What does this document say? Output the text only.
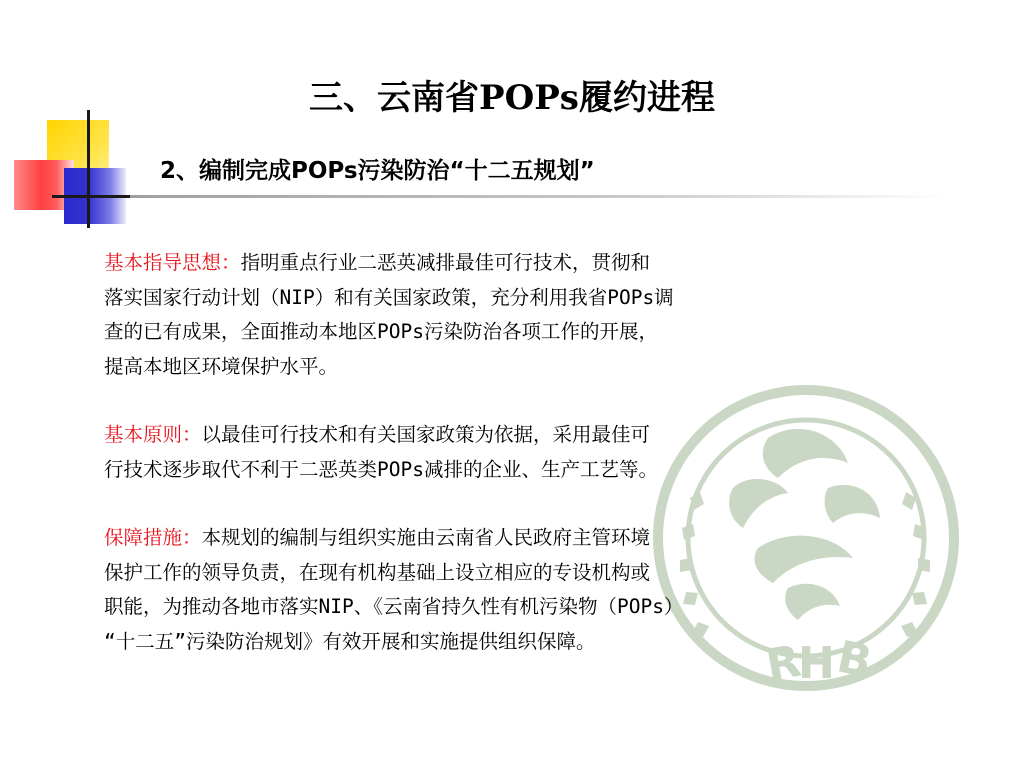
R
H
B
三、云南省POPs履约进程
2、编制完成POPs污染防治“十二五规划”
基本指导思想：指明重点行业二恶英减排最佳可行技术，贯彻和
落实国家行动计划（NIP）和有关国家政策，充分利用我省POPs调
查的已有成果，全面推动本地区POPs污染防治各项工作的开展，
提高本地区环境保护水平。
基本原则：以最佳可行技术和有关国家政策为依据，采用最佳可
行技术逐步取代不利于二恶英类POPs减排的企业、生产工艺等。
保障措施：本规划的编制与组织实施由云南省人民政府主管环境
保护工作的领导负责，在现有机构基础上设立相应的专设机构或
职能，为推动各地市落实NIP、《云南省持久性有机污染物（POPs）
“十二五”污染防治规划》有效开展和实施提供组织保障。
